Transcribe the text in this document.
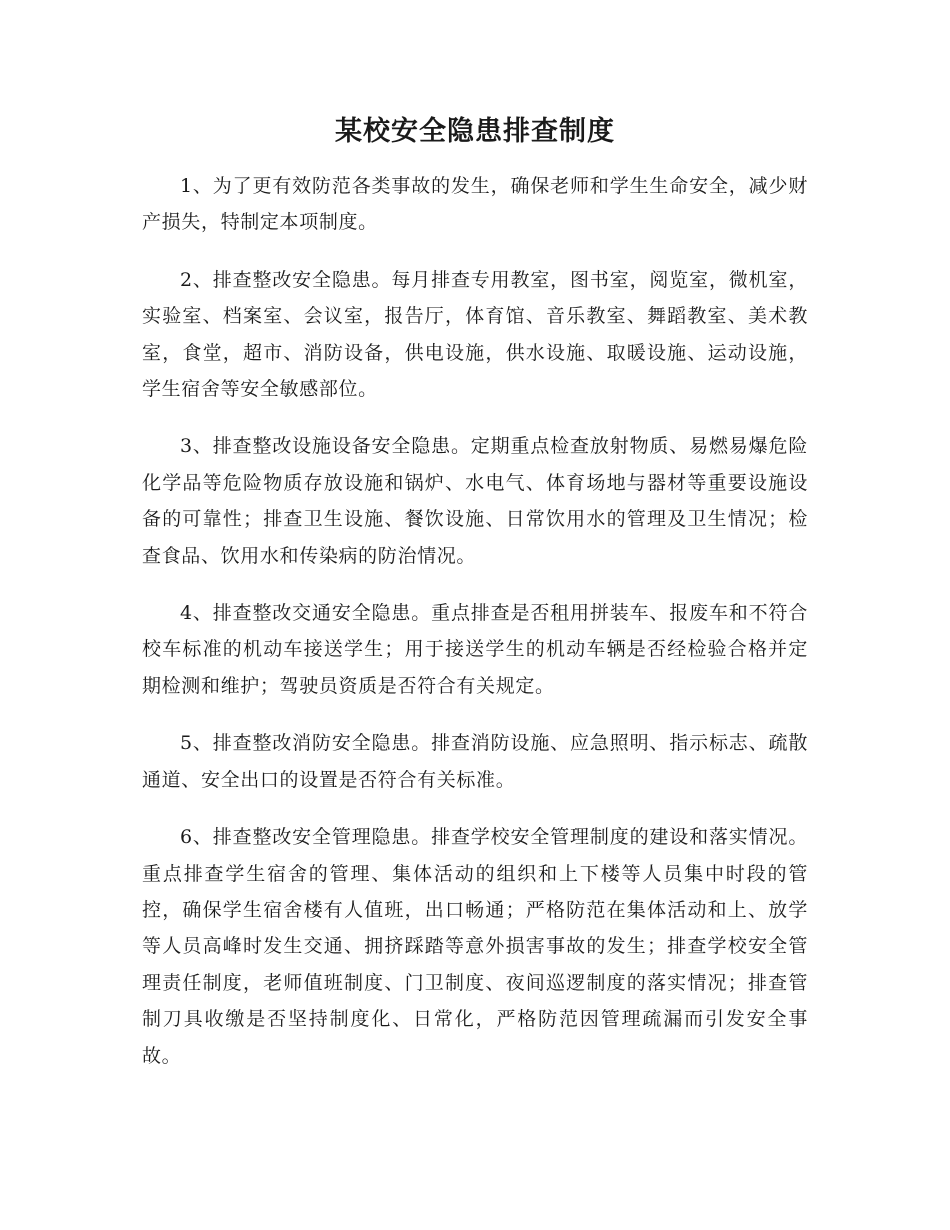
某校安全隐患排查制度

1、为了更有效防范各类事故的发生，确保老师和学生生命安全，减少财产损失，特制定本项制度。

2、排查整改安全隐患。每月排查专用教室，图书室，阅览室，微机室，实验室、档案室、会议室，报告厅，体育馆、音乐教室、舞蹈教室、美术教室，食堂，超市、消防设备，供电设施，供水设施、取暖设施、运动设施，学生宿舍等安全敏感部位。

3、排查整改设施设备安全隐患。定期重点检查放射物质、易燃易爆危险化学品等危险物质存放设施和锅炉、水电气、体育场地与器材等重要设施设备的可靠性；排查卫生设施、餐饮设施、日常饮用水的管理及卫生情况；检查食品、饮用水和传染病的防治情况。

4、排查整改交通安全隐患。重点排查是否租用拼装车、报废车和不符合校车标准的机动车接送学生；用于接送学生的机动车辆是否经检验合格并定期检测和维护；驾驶员资质是否符合有关规定。

5、排查整改消防安全隐患。排查消防设施、应急照明、指示标志、疏散通道、安全出口的设置是否符合有关标准。

6、排查整改安全管理隐患。排查学校安全管理制度的建设和落实情况。重点排查学生宿舍的管理、集体活动的组织和上下楼等人员集中时段的管控，确保学生宿舍楼有人值班，出口畅通；严格防范在集体活动和上、放学等人员高峰时发生交通、拥挤踩踏等意外损害事故的发生；排查学校安全管理责任制度，老师值班制度、门卫制度、夜间巡逻制度的落实情况；排查管制刀具收缴是否坚持制度化、日常化，严格防范因管理疏漏而引发安全事故。
